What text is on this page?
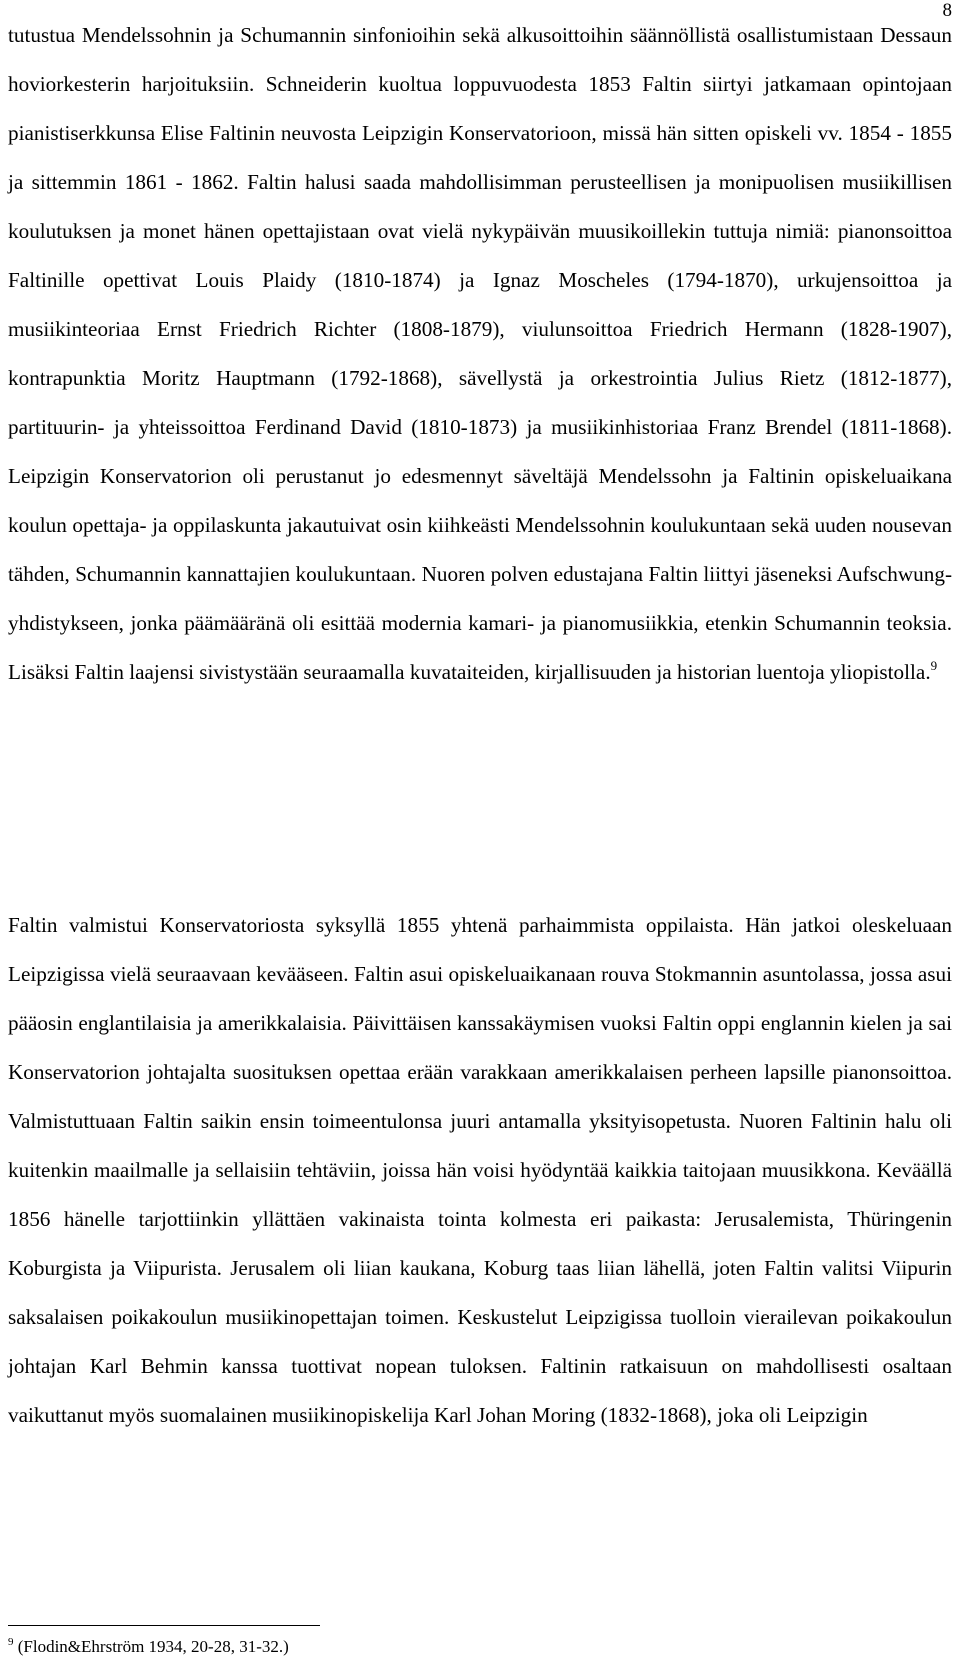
8

tutustua Mendelssohnin ja Schumannin sinfonioihin sekä alkusoittoihin säännöllistä osallistumistaan Dessaun hoviorkesterin harjoituksiin. Schneiderin kuoltua loppuvuodesta 1853 Faltin siirtyi jatkamaan opintojaan pianistiserkkunsa Elise Faltinin neuvosta Leipzigin Konservatorioon, missä hän sitten opiskeli vv. 1854 - 1855 ja sittemmin 1861 - 1862. Faltin halusi saada mahdollisimman perusteellisen ja monipuolisen musiikillisen koulutuksen ja monet hänen opettajistaan ovat vielä nykypäivän muusikoillekin tuttuja nimiä: pianonsoittoa Faltinille opettivat Louis Plaidy (1810-1874) ja Ignaz Moscheles (1794-1870), urkujensoittoa ja musiikinteoriaa Ernst Friedrich Richter (1808-1879), viulunsoittoa Friedrich Hermann (1828-1907), kontrapunktia Moritz Hauptmann (1792-1868), sävellystä ja orkestrointia Julius Rietz (1812-1877), partituurin- ja yhteissoittoa Ferdinand David (1810-1873) ja musiikinhistoriaa Franz Brendel (1811-1868). Leipzigin Konservatorion oli perustanut jo edesmennyt säveltäjä Mendelssohn ja Faltinin opiskeluaikana koulun opettaja- ja oppilaskunta jakautuivat osin kiihkeästi Mendelssohnin koulukuntaan sekä uuden nousevan tähden, Schumannin kannattajien koulukuntaan. Nuoren polven edustajana Faltin liittyi jäseneksi Aufschwung-yhdistykseen, jonka päämääränä oli esittää modernia kamari- ja pianomusiikkia, etenkin Schumannin teoksia. Lisäksi Faltin laajensi sivistystään seuraamalla kuvataiteiden, kirjallisuuden ja historian luentoja yliopistolla.$^9$

Faltin valmistui Konservatoriosta syksyllä 1855 yhtenä parhaimmista oppilaista. Hän jatkoi oleskeluaan Leipzigissa vielä seuraavaan kevääseen. Faltin asui opiskeluaikanaan rouva Stokmannin asuntolassa, jossa asui pääosin englantilaisia ja amerikkalaisia. Päivittäisen kanssakäymisen vuoksi Faltin oppi englannin kielen ja sai Konservatorion johtajalta suosituksen opettaa erään varakkaan amerikkalaisen perheen lapsille pianonsoittoa. Valmistuttuaan Faltin saikin ensin toimeentulonsa juuri antamalla yksityisopetusta. Nuoren Faltinin halu oli kuitenkin maailmalle ja sellaisiin tehtäviin, joissa hän voisi hyödyntää kaikkia taitojaan muusikkona. Keväällä 1856 hänelle tarjottiinkin yllättäen vakinaista tointa kolmesta eri paikasta: Jerusalemista, Thüringenin Koburgista ja Viipurista. Jerusalem oli liian kaukana, Koburg taas liian lähellä, joten Faltin valitsi Viipurin saksalaisen poikakoulun musiikinopettajan toimen. Keskustelut Leipzigissa tuolloin vierailevan poikakoulun johtajan Karl Behmin kanssa tuottivat nopean tuloksen. Faltinin ratkaisuun on mahdollisesti osaltaan vaikuttanut myös suomalainen musiikinopiskelija Karl Johan Moring (1832-1868), joka oli Leipzigin

$^9$ (Flodin&Ehrström 1934, 20-28, 31-32.)
